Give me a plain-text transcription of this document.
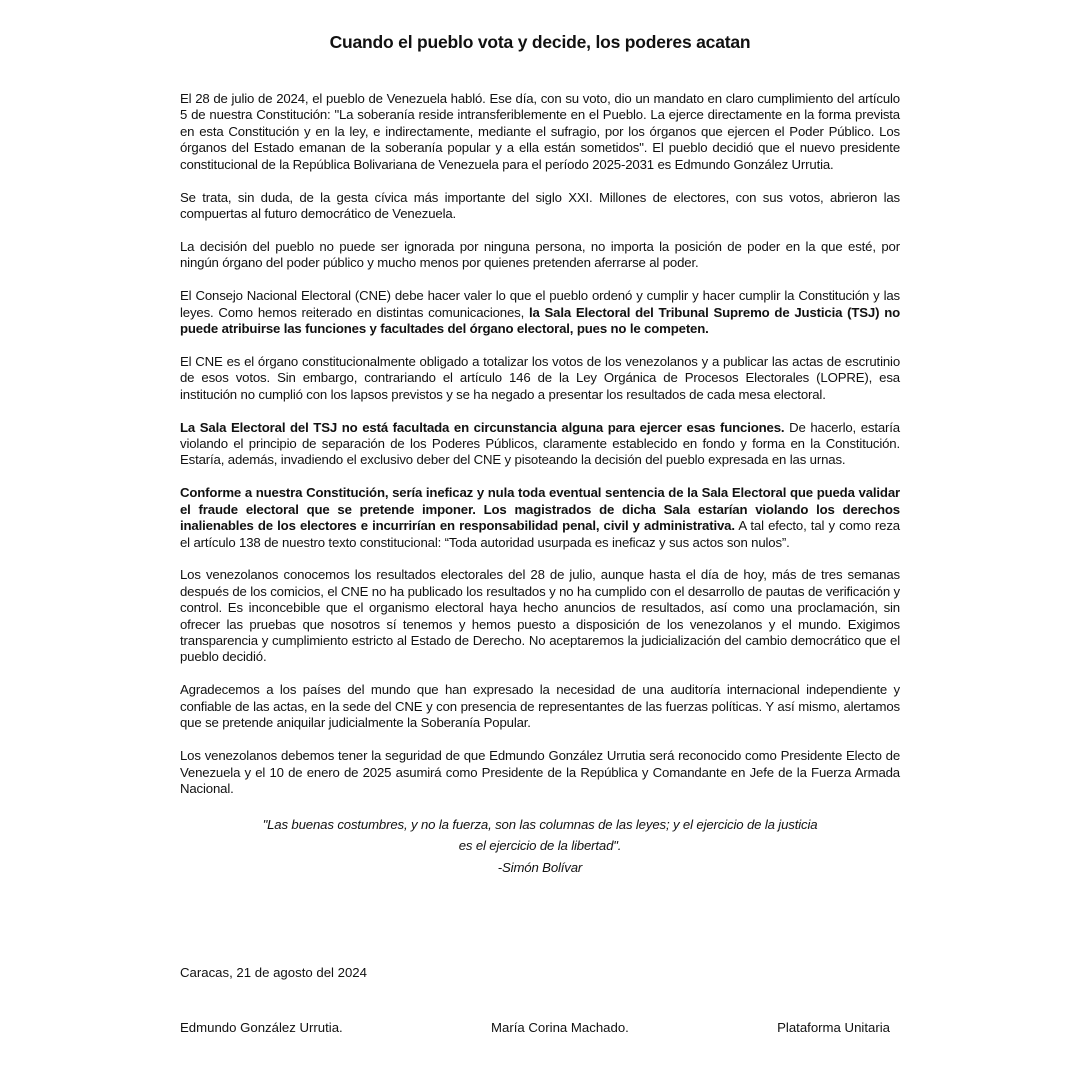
Cuando el pueblo vota y decide, los poderes acatan

El 28 de julio de 2024, el pueblo de Venezuela habló. Ese día, con su voto, dio un mandato en claro cumplimiento del artículo 5 de nuestra Constitución: "La soberanía reside intransferiblemente en el Pueblo. La ejerce directamente en la forma prevista en esta Constitución y en la ley, e indirectamente, mediante el sufragio, por los órganos que ejercen el Poder Público. Los órganos del Estado emanan de la soberanía popular y a ella están sometidos". El pueblo decidió que el nuevo presidente constitucional de la República Bolivariana de Venezuela para el período 2025-2031 es Edmundo González Urrutia.

Se trata, sin duda, de la gesta cívica más importante del siglo XXI. Millones de electores, con sus votos, abrieron las compuertas al futuro democrático de Venezuela.

La decisión del pueblo no puede ser ignorada por ninguna persona, no importa la posición de poder en la que esté, por ningún órgano del poder público y mucho menos por quienes pretenden aferrarse al poder.

El Consejo Nacional Electoral (CNE) debe hacer valer lo que el pueblo ordenó y cumplir y hacer cumplir la Constitución y las leyes. Como hemos reiterado en distintas comunicaciones, la Sala Electoral del Tribunal Supremo de Justicia (TSJ) no puede atribuirse las funciones y facultades del órgano electoral, pues no le competen.

El CNE es el órgano constitucionalmente obligado a totalizar los votos de los venezolanos y a publicar las actas de escrutinio de esos votos. Sin embargo, contrariando el artículo 146 de la Ley Orgánica de Procesos Electorales (LOPRE), esa institución no cumplió con los lapsos previstos y se ha negado a presentar los resultados de cada mesa electoral.

La Sala Electoral del TSJ no está facultada en circunstancia alguna para ejercer esas funciones. De hacerlo, estaría violando el principio de separación de los Poderes Públicos, claramente establecido en fondo y forma en la Constitución. Estaría, además, invadiendo el exclusivo deber del CNE y pisoteando la decisión del pueblo expresada en las urnas.

Conforme a nuestra Constitución, sería ineficaz y nula toda eventual sentencia de la Sala Electoral que pueda validar el fraude electoral que se pretende imponer. Los magistrados de dicha Sala estarían violando los derechos inalienables de los electores e incurrirían en responsabilidad penal, civil y administrativa. A tal efecto, tal y como reza el artículo 138 de nuestro texto constitucional: “Toda autoridad usurpada es ineficaz y sus actos son nulos”.

Los venezolanos conocemos los resultados electorales del 28 de julio, aunque hasta el día de hoy, más de tres semanas después de los comicios, el CNE no ha publicado los resultados y no ha cumplido con el desarrollo de pautas de verificación y control. Es inconcebible que el organismo electoral haya hecho anuncios de resultados, así como una proclamación, sin ofrecer las pruebas que nosotros sí tenemos y hemos puesto a disposición de los venezolanos y el mundo. Exigimos transparencia y cumplimiento estricto al Estado de Derecho. No aceptaremos la judicialización del cambio democrático que el pueblo decidió.

Agradecemos a los países del mundo que han expresado la necesidad de una auditoría internacional independiente y confiable de las actas, en la sede del CNE y con presencia de representantes de las fuerzas políticas. Y así mismo, alertamos que se pretende aniquilar judicialmente la Soberanía Popular.

Los venezolanos debemos tener la seguridad de que Edmundo González Urrutia será reconocido como Presidente Electo de Venezuela y el 10 de enero de 2025 asumirá como Presidente de la República y Comandante en Jefe de la Fuerza Armada Nacional.

"Las buenas costumbres, y no la fuerza, son las columnas de las leyes; y el ejercicio de la justicia
es el ejercicio de la libertad".
-Simón Bolívar
Caracas, 21 de agosto del 2024
Edmundo González Urrutia.	María Corina Machado.	Plataforma Unitaria
